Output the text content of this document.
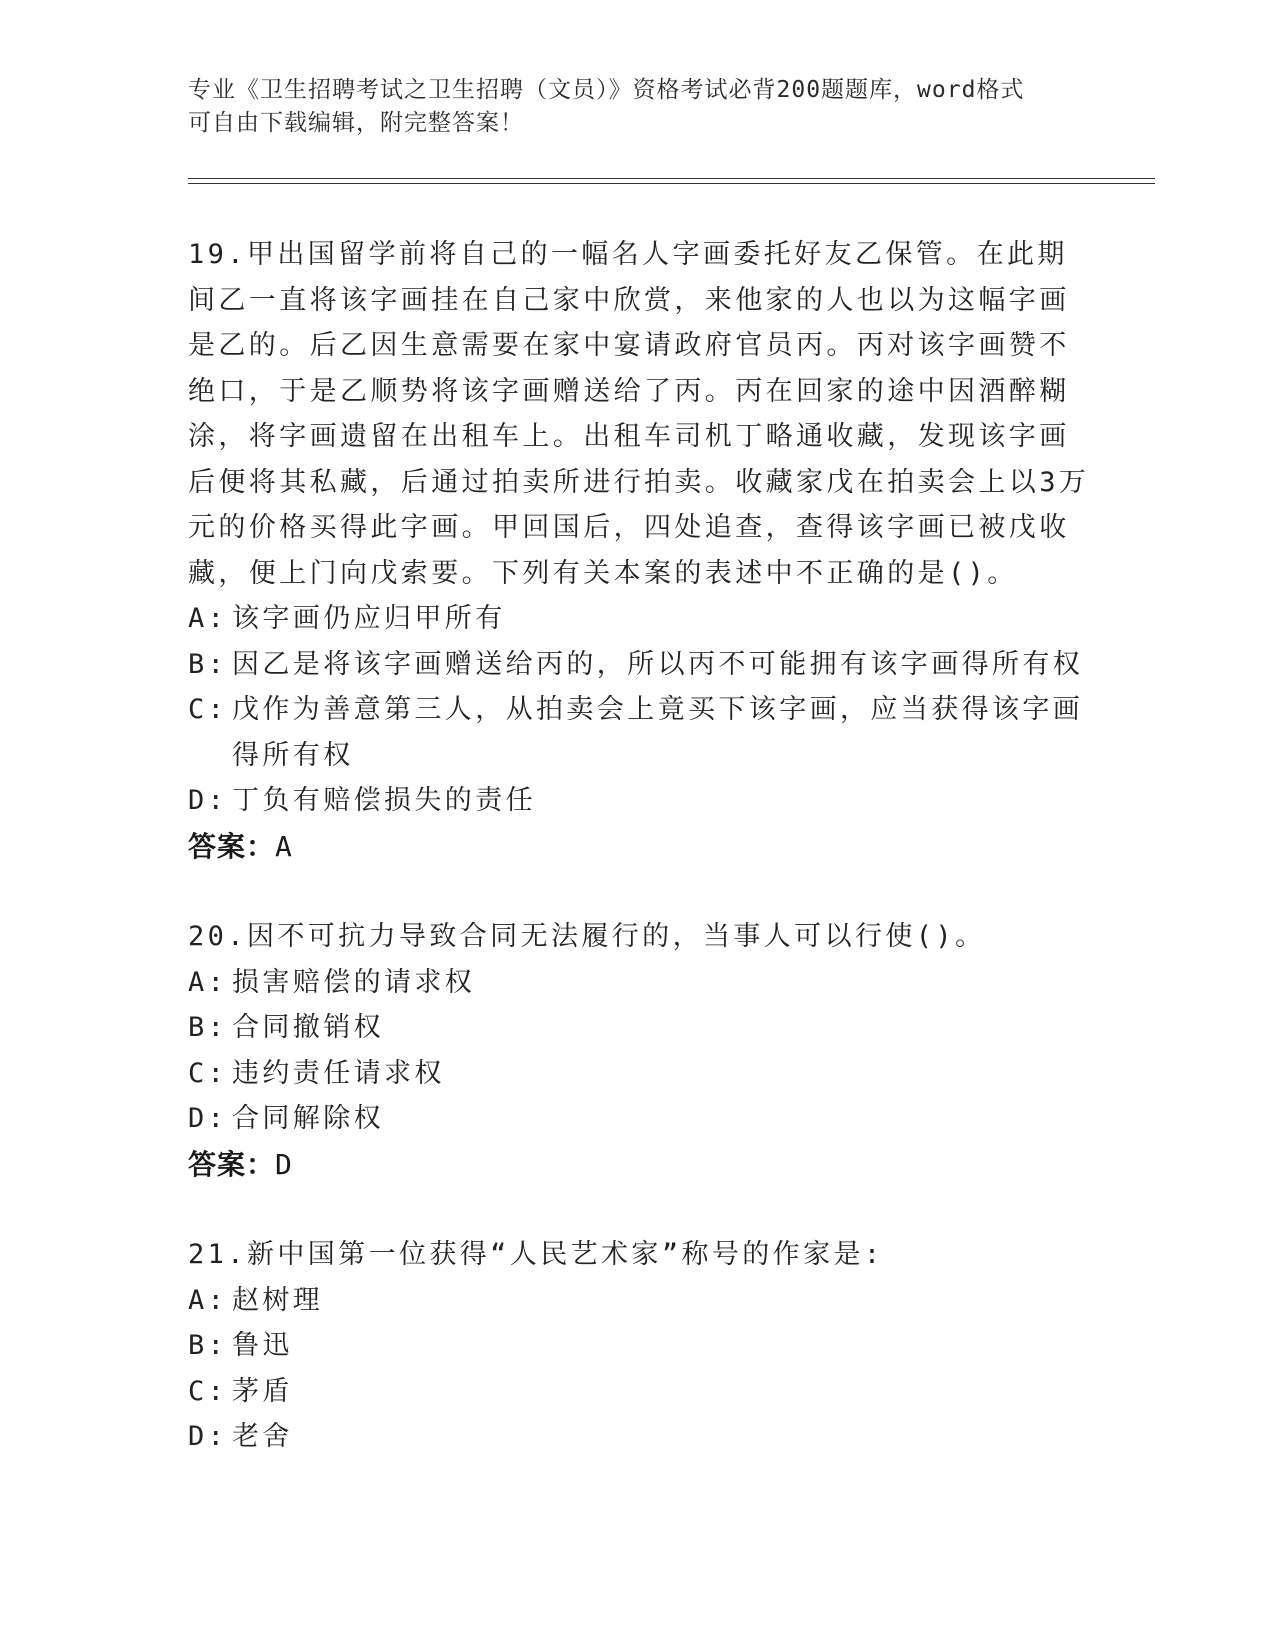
专业《卫生招聘考试之卫生招聘（文员）》资格考试必背200题题库，word格式
可自由下载编辑，附完整答案！

19.甲出国留学前将自己的一幅名人字画委托好友乙保管。在此期间乙一直将该字画挂在自己家中欣赏，来他家的人也以为这幅字画是乙的。后乙因生意需要在家中宴请政府官员丙。丙对该字画赞不绝口，于是乙顺势将该字画赠送给了丙。丙在回家的途中因酒醉糊涂，将字画遗留在出租车上。出租车司机丁略通收藏，发现该字画后便将其私藏，后通过拍卖所进行拍卖。收藏家戊在拍卖会上以3万元的价格买得此字画。甲回国后，四处追查，查得该字画已被戊收藏，便上门向戊索要。下列有关本案的表述中不正确的是()。

A: 该字画仍应归甲所有

B: 因乙是将该字画赠送给丙的，所以丙不可能拥有该字画得所有权

C: 戊作为善意第三人，从拍卖会上竟买下该字画，应当获得该字画得所有权

D: 丁负有赔偿损失的责任

答案：A

20.因不可抗力导致合同无法履行的，当事人可以行使()。

A: 损害赔偿的请求权

B: 合同撤销权

C: 违约责任请求权

D: 合同解除权

答案：D

21.新中国第一位获得“人民艺术家”称号的作家是:

A: 赵树理

B: 鲁迅

C: 茅盾

D: 老舍
